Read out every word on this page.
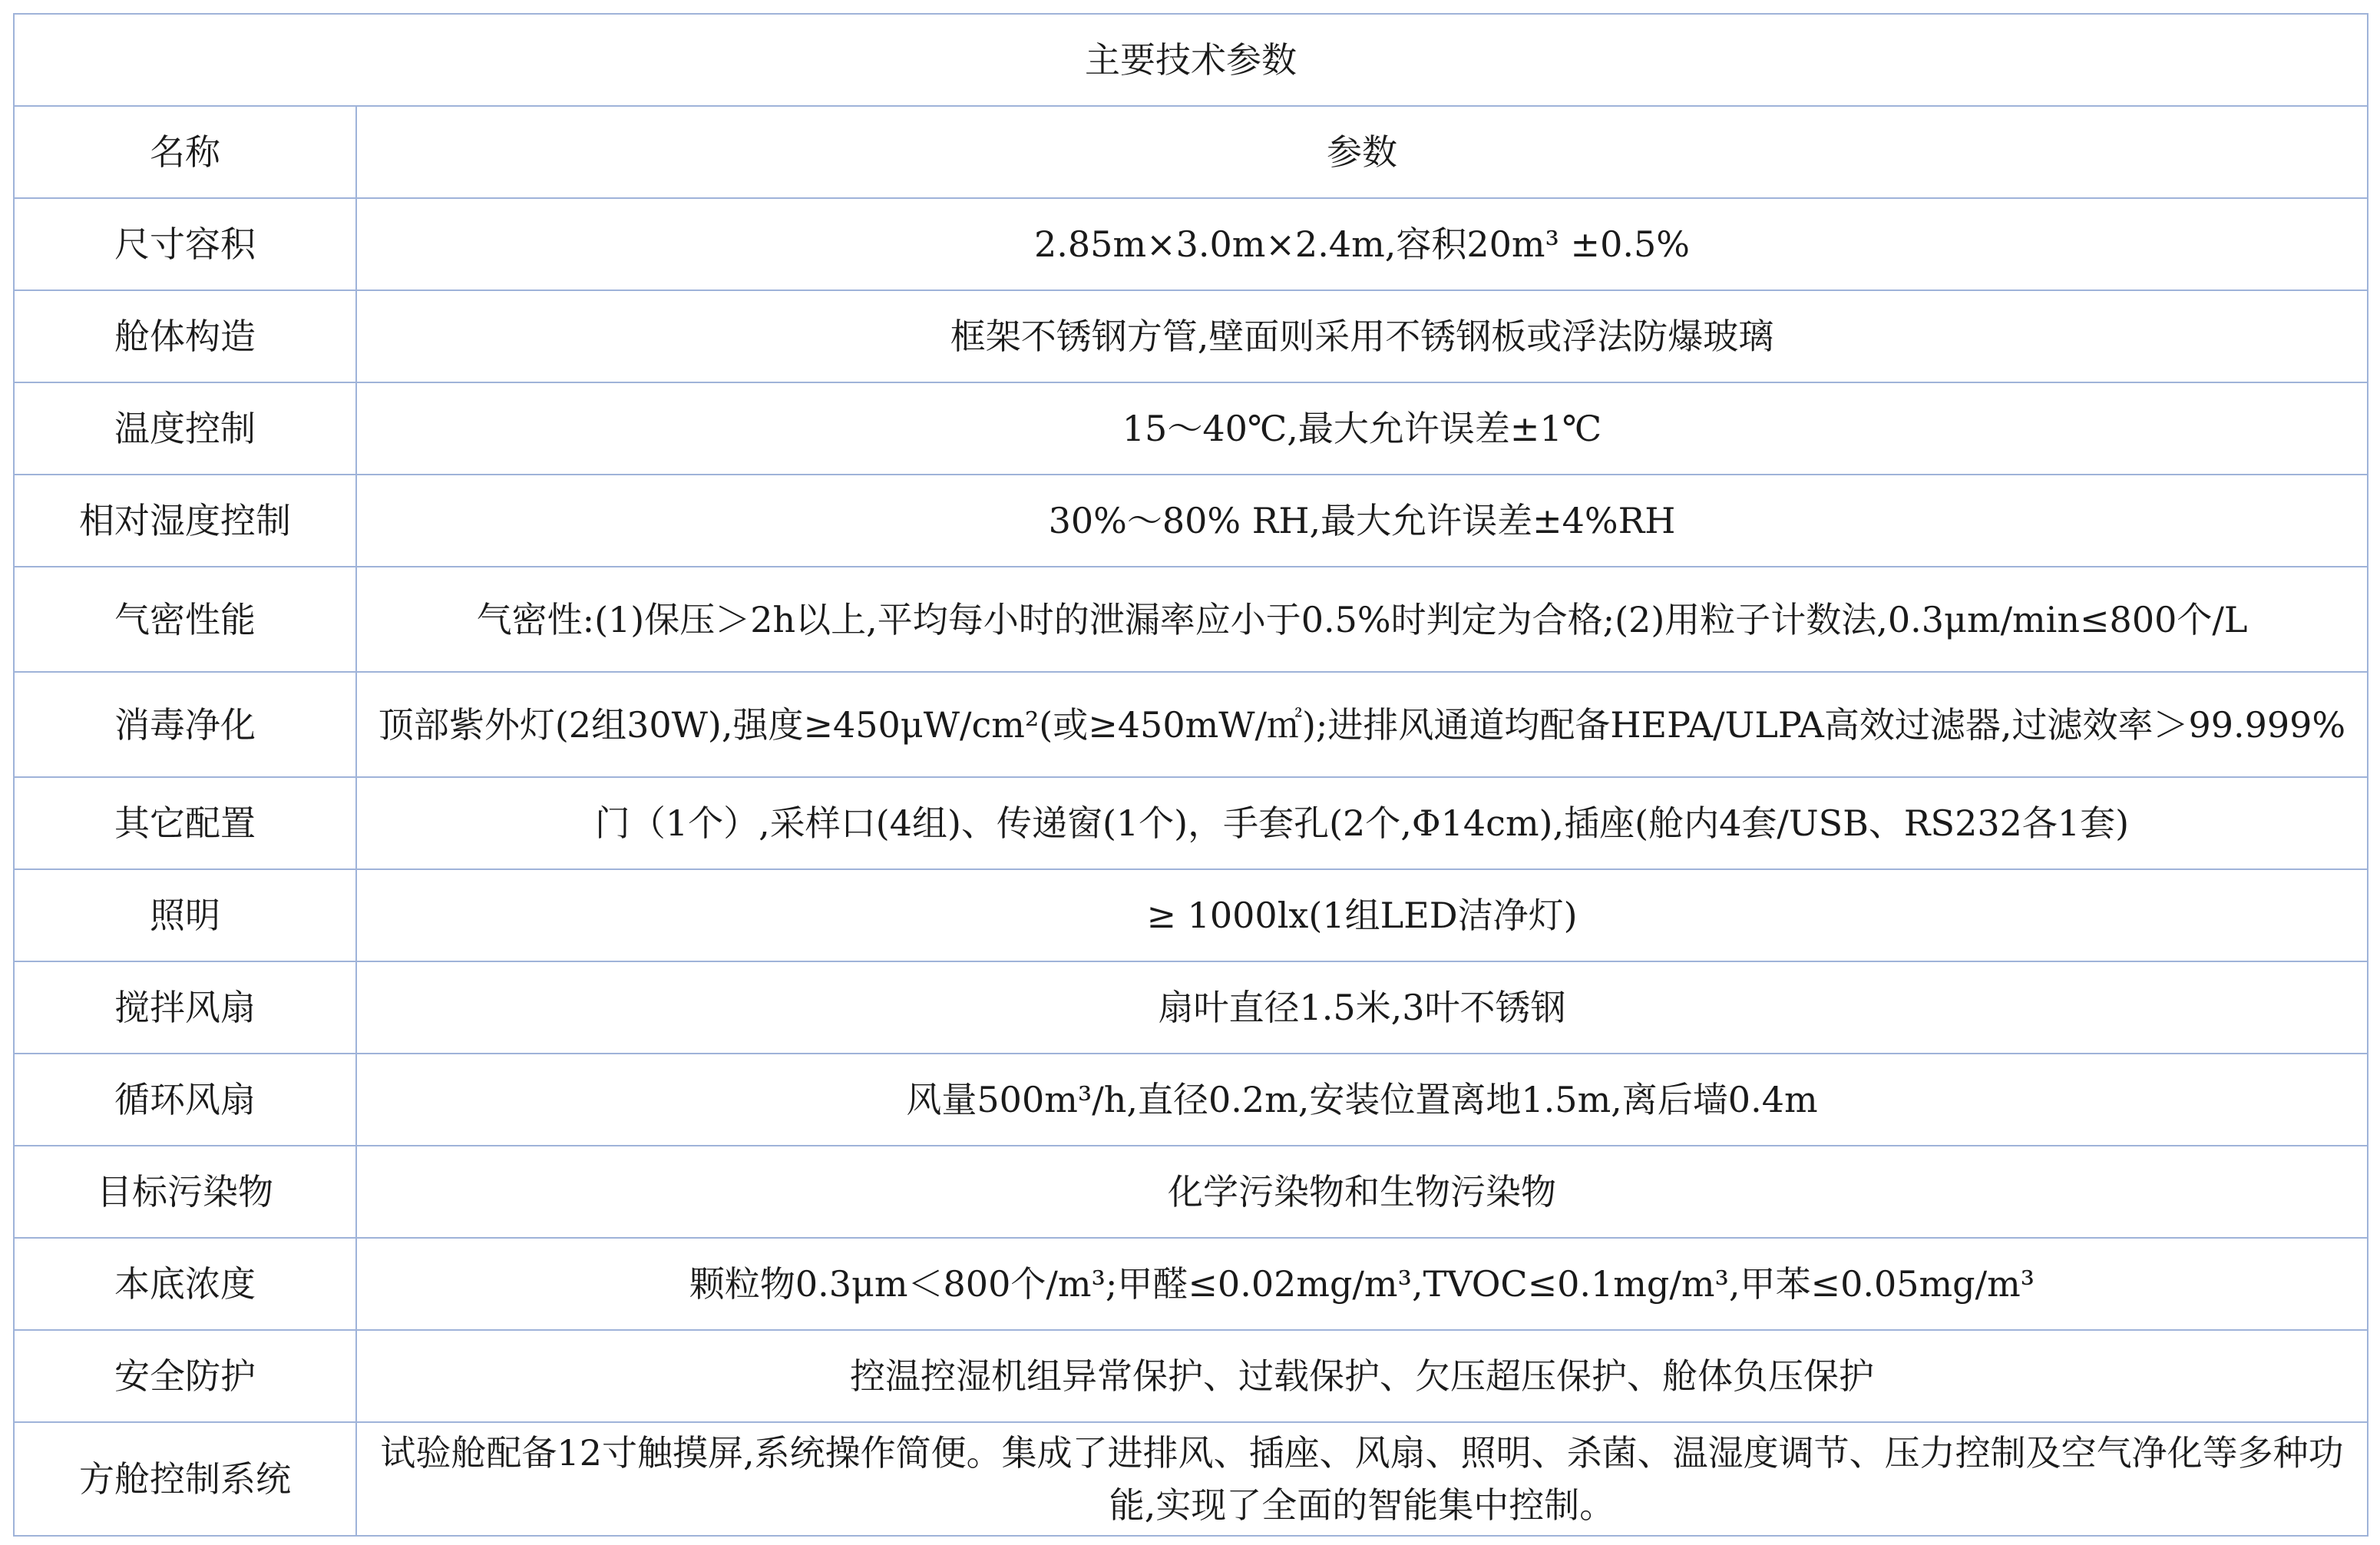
主要技术参数	
名称	参数
尺寸容积	2.85m×3.0m×2.4m,容积20m³ ±0.5%
舱体构造	框架不锈钢方管,壁面则采用不锈钢板或浮法防爆玻璃
温度控制	15～40℃,最大允许误差±1℃
相对湿度控制	30%～80% RH,最大允许误差±4%RH
气密性能	气密性:(1)保压＞2h以上,平均每小时的泄漏率应小于0.5%时判定为合格;(2)用粒子计数法,0.3μm/min≤800个/L
消毒净化	顶部紫外灯(2组30W),强度≥450μW/cm²(或≥450mW/㎡);进排风通道均配备HEPA/ULPA高效过滤器,过滤效率＞99.999%
其它配置	门（1个）,采样口(4组)、传递窗(1个)，手套孔(2个,Φ14cm),插座(舱内4套/USB、RS232各1套)
照明	≥ 1000lx(1组LED洁净灯)
搅拌风扇	扇叶直径1.5米,3叶不锈钢
循环风扇	风量500m³/h,直径0.2m,安装位置离地1.5m,离后墙0.4m
目标污染物	化学污染物和生物污染物
本底浓度	颗粒物0.3μm＜800个/m³;甲醛≤0.02mg/m³,TVOC≤0.1mg/m³,甲苯≤0.05mg/m³
安全防护	控温控湿机组异常保护、过载保护、欠压超压保护、舱体负压保护
方舱控制系统	试验舱配备12寸触摸屏,系统操作简便。集成了进排风、插座、风扇、照明、杀菌、温湿度调节、压力控制及空气净化等多种功能,实现了全面的智能集中控制。
